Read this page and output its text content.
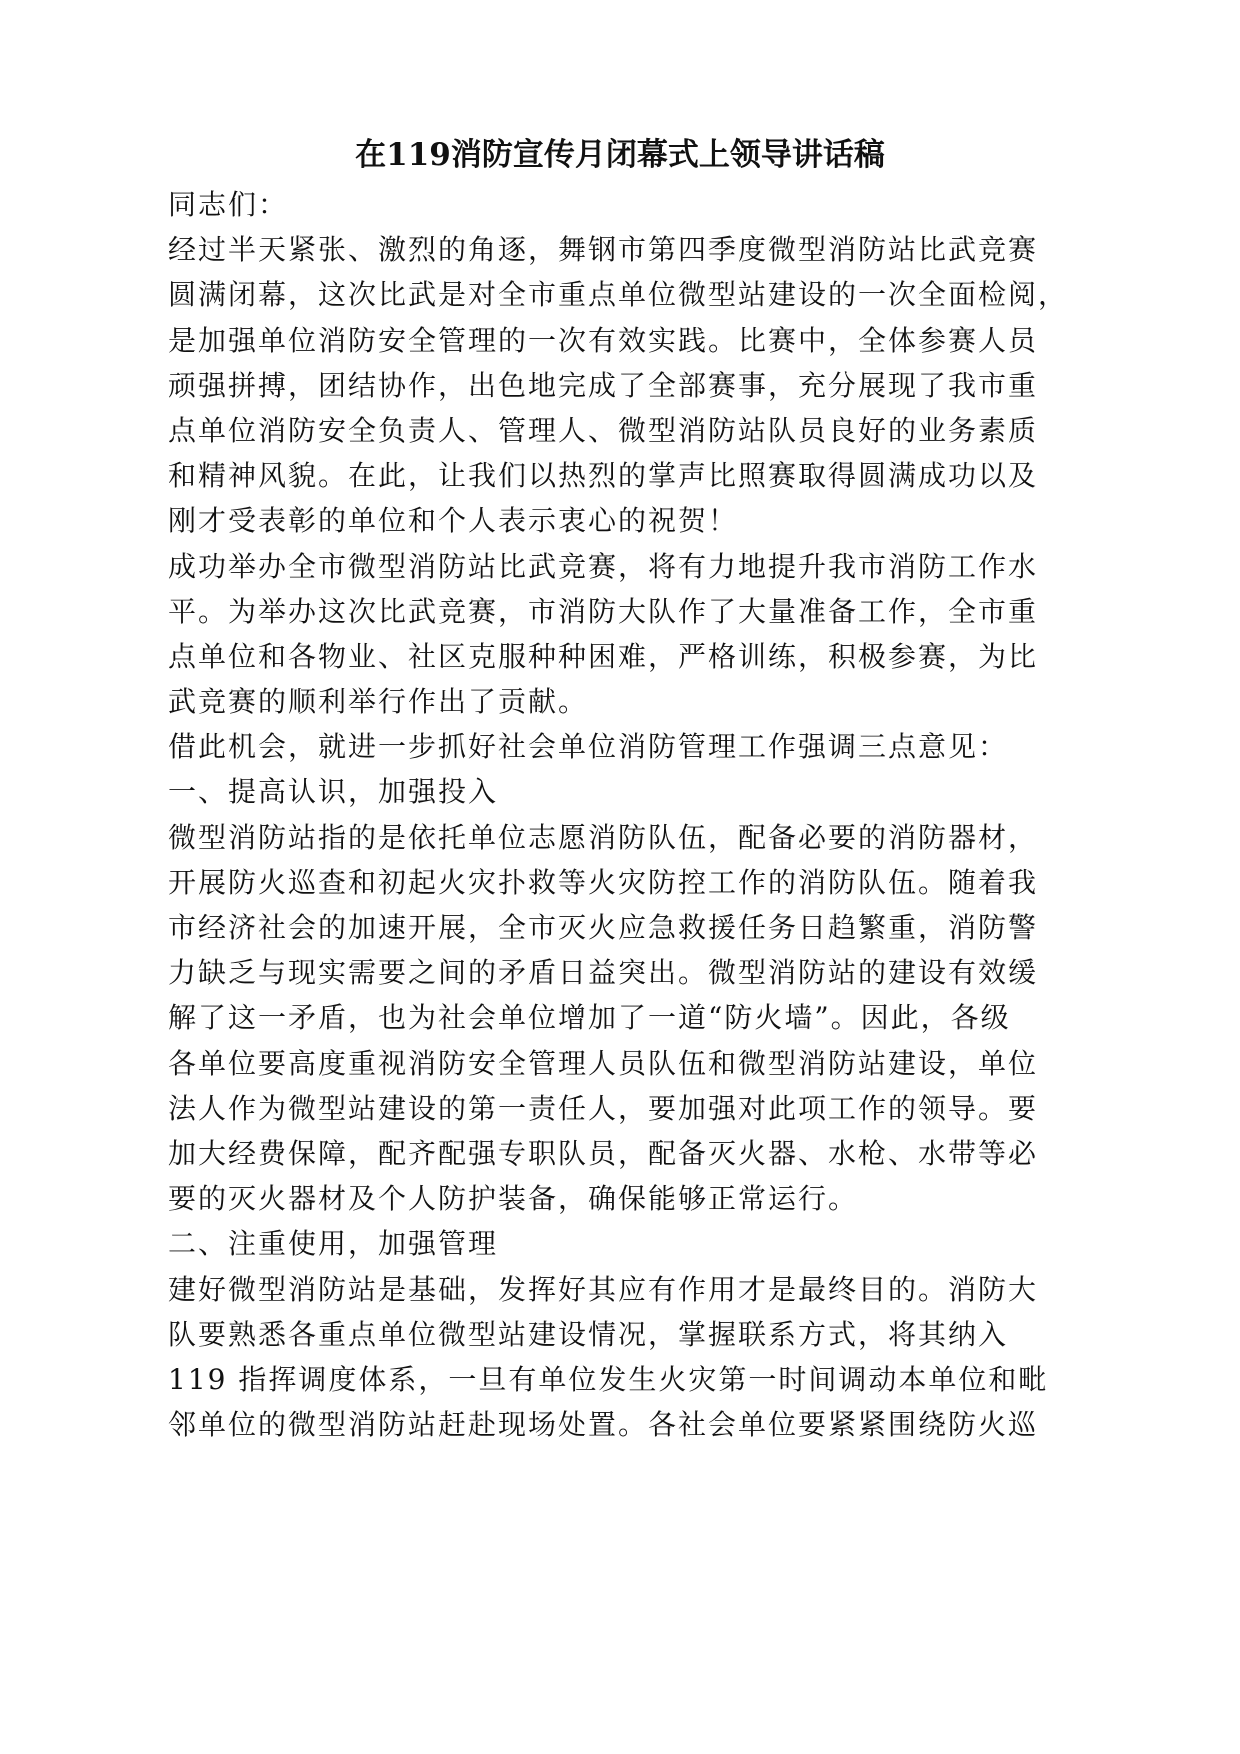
在119消防宣传月闭幕式上领导讲话稿
同志们：
经过半天紧张、激烈的角逐，舞钢市第四季度微型消防站比武竞赛
圆满闭幕，这次比武是对全市重点单位微型站建设的一次全面检阅，
是加强单位消防安全管理的一次有效实践。比赛中，全体参赛人员
顽强拼搏，团结协作，出色地完成了全部赛事，充分展现了我市重
点单位消防安全负责人、管理人、微型消防站队员良好的业务素质
和精神风貌。在此，让我们以热烈的掌声比照赛取得圆满成功以及
刚才受表彰的单位和个人表示衷心的祝贺！
成功举办全市微型消防站比武竞赛，将有力地提升我市消防工作水
平。为举办这次比武竞赛，市消防大队作了大量准备工作，全市重
点单位和各物业、社区克服种种困难，严格训练，积极参赛，为比
武竞赛的顺利举行作出了贡献。
借此机会，就进一步抓好社会单位消防管理工作强调三点意见：
一、提高认识，加强投入
微型消防站指的是依托单位志愿消防队伍，配备必要的消防器材，
开展防火巡查和初起火灾扑救等火灾防控工作的消防队伍。随着我
市经济社会的加速开展，全市灭火应急救援任务日趋繁重，消防警
力缺乏与现实需要之间的矛盾日益突出。微型消防站的建设有效缓
解了这一矛盾，也为社会单位增加了一道“防火墙”。因此，各级
各单位要高度重视消防安全管理人员队伍和微型消防站建设，单位
法人作为微型站建设的第一责任人，要加强对此项工作的领导。要
加大经费保障，配齐配强专职队员，配备灭火器、水枪、水带等必
要的灭火器材及个人防护装备，确保能够正常运行。
二、注重使用，加强管理
建好微型消防站是基础，发挥好其应有作用才是最终目的。消防大
队要熟悉各重点单位微型站建设情况，掌握联系方式，将其纳入
119 指挥调度体系，一旦有单位发生火灾第一时间调动本单位和毗
邻单位的微型消防站赶赴现场处置。各社会单位要紧紧围绕防火巡
